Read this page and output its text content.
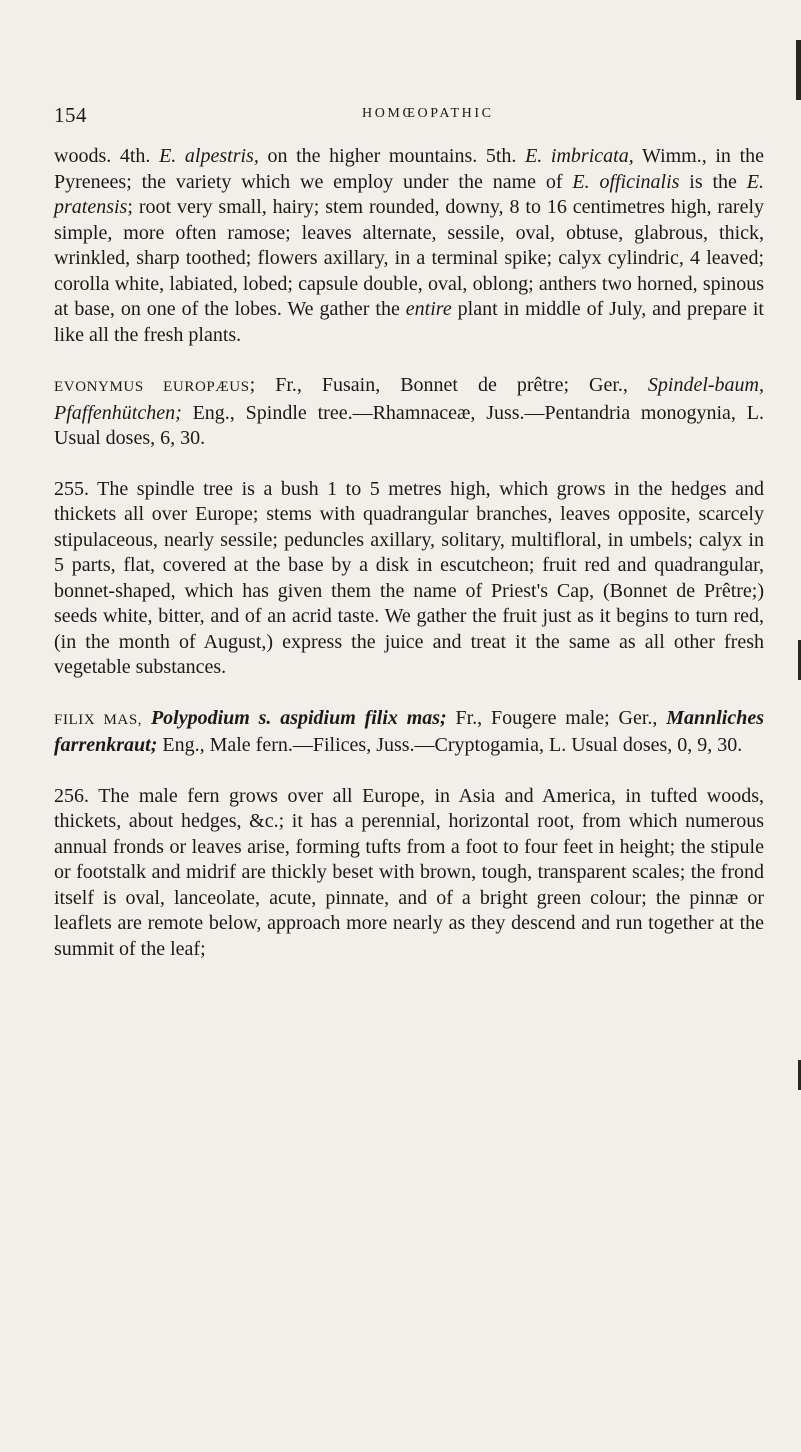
154	HOMŒOPATHIC

woods. 4th. E. alpestris, on the higher mountains. 5th. E. imbricata, Wimm., in the Pyrenees; the variety which we employ under the name of E. officinalis is the E. pratensis; root very small, hairy; stem rounded, downy, 8 to 16 centimetres high, rarely simple, more often ramose; leaves alternate, sessile, oval, obtuse, glabrous, thick, wrinkled, sharp toothed; flowers axillary, in a terminal spike; calyx cylindric, 4 leaved; corolla white, labiated, lobed; capsule double, oval, oblong; anthers two horned, spinous at base, on one of the lobes. We gather the entire plant in middle of July, and prepare it like all the fresh plants.

EVONYMUS EUROPÆUS; Fr., Fusain, Bonnet de prêtre; Ger., Spindel-baum, Pfaffenhütchen; Eng., Spindle tree.—Rhamnaceæ, Juss.—Pentandria monogynia, L. Usual doses, 6, 30.

255. The spindle tree is a bush 1 to 5 metres high, which grows in the hedges and thickets all over Europe; stems with quadrangular branches, leaves opposite, scarcely stipulaceous, nearly sessile; peduncles axillary, solitary, multifloral, in umbels; calyx in 5 parts, flat, covered at the base by a disk in escutcheon; fruit red and quadrangular, bonnet-shaped, which has given them the name of Priest's Cap, (Bonnet de Prêtre;) seeds white, bitter, and of an acrid taste. We gather the fruit just as it begins to turn red, (in the month of August,) express the juice and treat it the same as all other fresh vegetable substances.

FILIX MAS, Polypodium s. aspidium filix mas; Fr., Fougere male; Ger., Mannliches farrenkraut; Eng., Male fern.—Filices, Juss.—Cryptogamia, L. Usual doses, 0, 9, 30.

256. The male fern grows over all Europe, in Asia and America, in tufted woods, thickets, about hedges, &c.; it has a perennial, horizontal root, from which numerous annual fronds or leaves arise, forming tufts from a foot to four feet in height; the stipule or footstalk and midrif are thickly beset with brown, tough, transparent scales; the frond itself is oval, lanceolate, acute, pinnate, and of a bright green colour; the pinnæ or leaflets are remote below, approach more nearly as they descend and run together at the summit of the leaf;
